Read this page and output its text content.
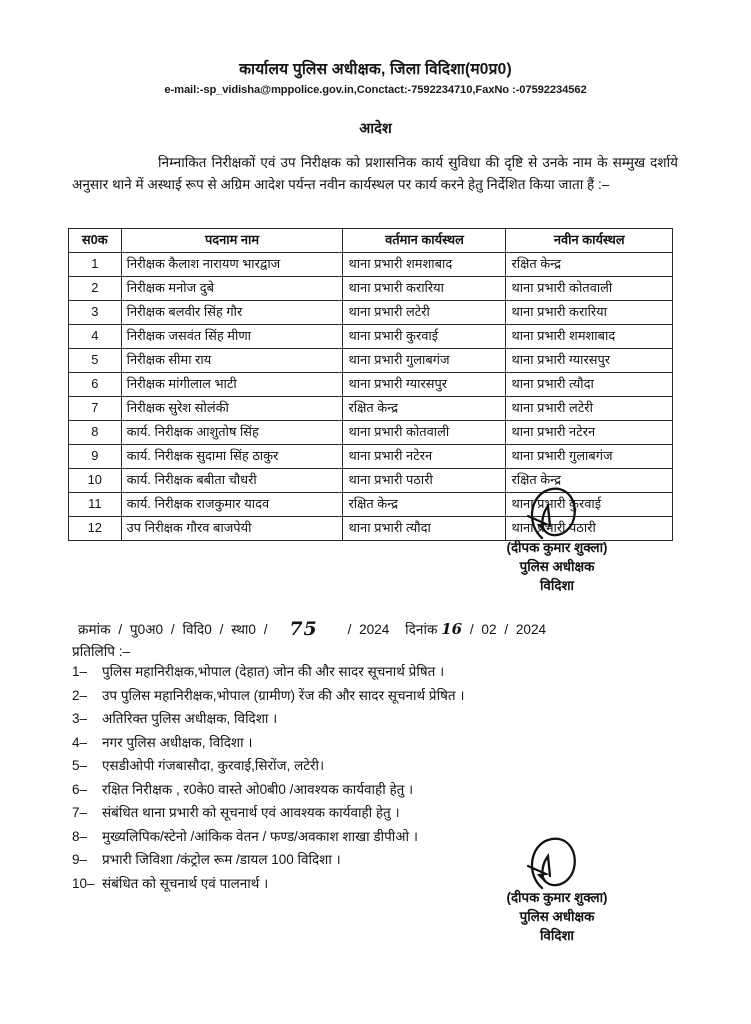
कार्यालय पुलिस अधीक्षक, जिला विदिशा(म0प्र0)
e-mail:-sp_vidisha@mppolice.gov.in,Conctact:-7592234710,FaxNo :-07592234562
आदेश
निम्नाकित निरीक्षकों एवं उप निरीक्षक को प्रशासनिक कार्य सुविधा की दृष्टि से उनके नाम के सम्मुख दर्शाये अनुसार थाने में अस्थाई रूप से अग्रिम आदेश पर्यन्त नवीन कार्यस्थल पर कार्य करने हेतु निर्देशित किया जाता हैं :–
स0क	पदनाम नाम	वर्तमान कार्यस्थल	नवीन कार्यस्थल
1	निरीक्षक कैलाश नारायण भारद्वाज	थाना प्रभारी शमशाबाद	रक्षित केन्द्र
2	निरीक्षक मनोज दुबे	थाना प्रभारी करारिया	थाना प्रभारी कोतवाली
3	निरीक्षक बलवीर सिंह गौर	थाना प्रभारी लटेरी	थाना प्रभारी करारिया
4	निरीक्षक जसवंत सिंह मीणा	थाना प्रभारी कुरवाई	थाना प्रभारी शमशाबाद
5	निरीक्षक सीमा राय	थाना प्रभारी गुलाबगंज	थाना प्रभारी ग्यारसपुर
6	निरीक्षक मांगीलाल भाटी	थाना प्रभारी ग्यारसपुर	थाना प्रभारी त्यौदा
7	निरीक्षक सुरेश सोलंकी	रक्षित केन्द्र	थाना प्रभारी लटेरी
8	कार्य. निरीक्षक आशुतोष सिंह	थाना प्रभारी कोतवाली	थाना प्रभारी नटेरन
9	कार्य. निरीक्षक सुदामा सिंह ठाकुर	थाना प्रभारी नटेरन	थाना प्रभारी गुलाबगंज
10	कार्य. निरीक्षक बबीता चौधरी	थाना प्रभारी पठारी	रक्षित केन्द्र
11	कार्य. निरीक्षक राजकुमार यादव	रक्षित केन्द्र	थाना प्रभारी कुरवाई
12	उप निरीक्षक गौरव बाजपेयी	थाना प्रभारी त्यौदा	थाना प्रभारी पठारी
(दीपक कुमार शुक्ला)
पुलिस अधीक्षक
विदिशा
क्रमांक / पु0अ0 / विदि0 / स्था0 / 75 / 2024 दिनांक 16 / 02 / 2024
प्रतिलिपि :–
1–	पुलिस महानिरीक्षक,भोपाल (देहात) जोन की और सादर सूचनार्थ प्रेषित ।
2–	उप पुलिस महानिरीक्षक,भोपाल (ग्रामीण) रेंज की और सादर सूचनार्थ प्रेषित ।
3–	अतिरिक्त पुलिस अधीक्षक, विदिशा ।
4–	नगर पुलिस अधीक्षक, विदिशा ।
5–	एसडीओपी गंजबासौदा, कुरवाई,सिरोंज, लटेरी।
6–	रक्षित निरीक्षक , र0के0 वास्ते ओ0बी0 /आवश्यक कार्यवाही हेतु ।
7–	संबंधित थाना प्रभारी को सूचनार्थ एवं आवश्यक कार्यवाही हेतु ।
8–	मुख्यलिपिक/स्टेनो /आंकिक वेतन / फण्ड/अवकाश शाखा डीपीओ ।
9–	प्रभारी जिविशा /कंट्रोल रूम /डायल 100 विदिशा ।
10– संबंधित को सूचनार्थ एवं पालनार्थ ।
(दीपक कुमार शुक्ला)
पुलिस अधीक्षक
विदिशा
